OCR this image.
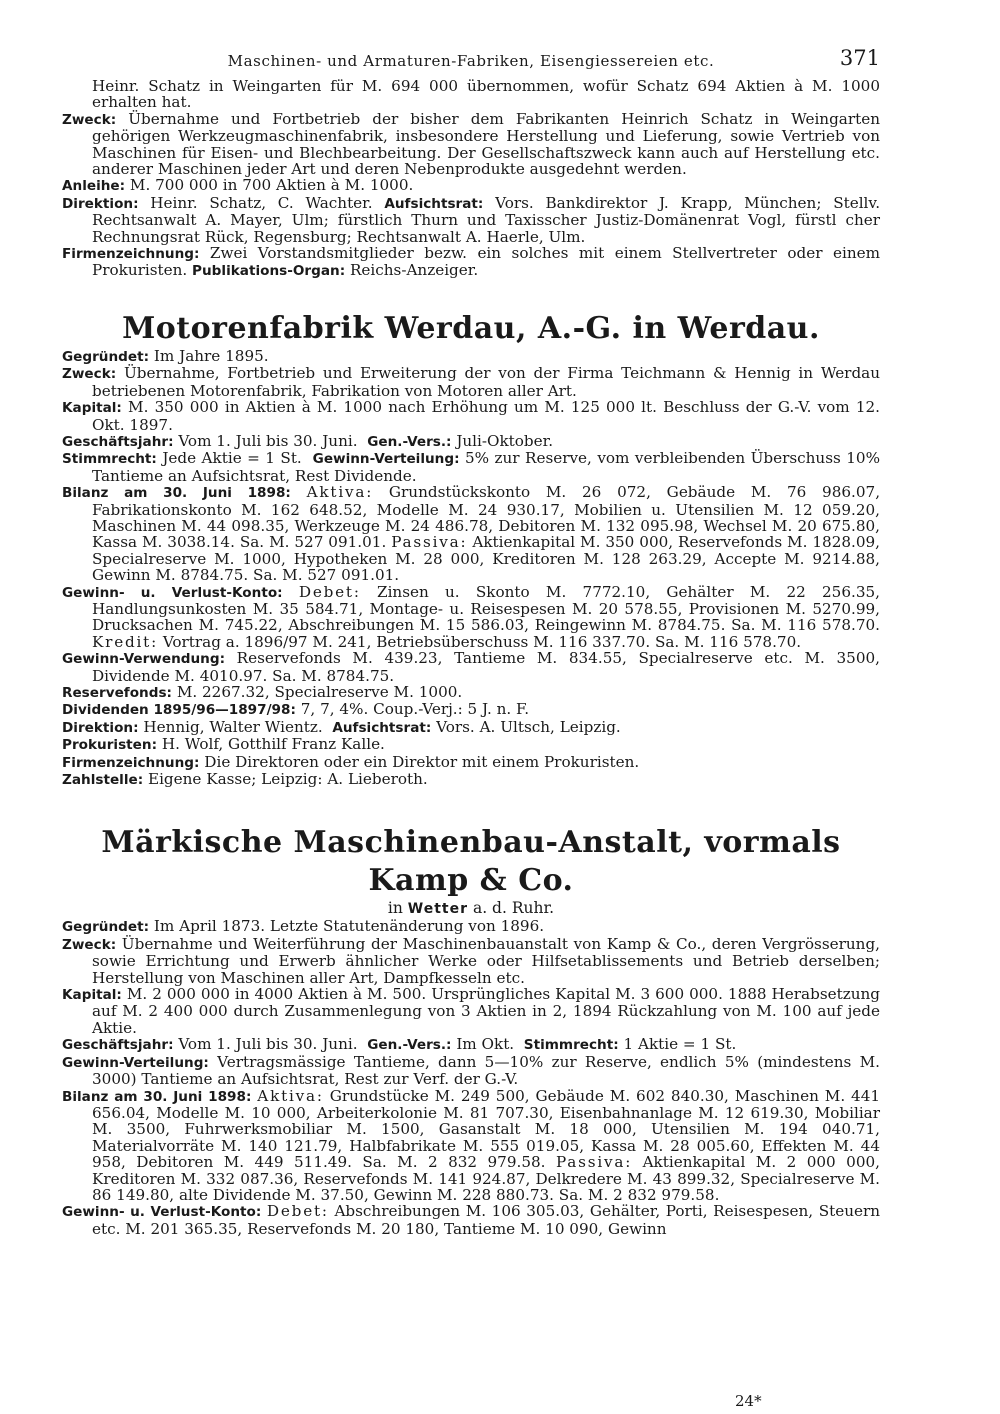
Maschinen- und Armaturen-Fabriken, Eisengiessereien etc.	371

Heinr. Schatz in Weingarten für M. 694 000 übernommen, wofür Schatz 694 Aktien à M. 1000 erhalten hat.

Zweck: Übernahme und Fortbetrieb der bisher dem Fabrikanten Heinrich Schatz in Weingarten gehörigen Werkzeugmaschinenfabrik, insbesondere Herstellung und Lieferung, sowie Vertrieb von Maschinen für Eisen- und Blechbearbeitung. Der Gesellschaftszweck kann auch auf Herstellung etc. anderer Maschinen jeder Art und deren Nebenprodukte ausgedehnt werden.

Anleihe: M. 700 000 in 700 Aktien à M. 1000.

Direktion: Heinr. Schatz, C. Wachter. Aufsichtsrat: Vors. Bankdirektor J. Krapp, München; Stellv. Rechtsanwalt A. Mayer, Ulm; fürstlich Thurn und Taxisscher Justiz-Domänenrat Vogl, fürstl cher Rechnungsrat Rück, Regensburg; Rechtsanwalt A. Haerle, Ulm.

Firmenzeichnung: Zwei Vorstandsmitglieder bezw. ein solches mit einem Stellvertreter oder einem Prokuristen. Publikations-Organ: Reichs-Anzeiger.

Motorenfabrik Werdau, A.-G. in Werdau.

Gegründet: Im Jahre 1895.

Zweck: Übernahme, Fortbetrieb und Erweiterung der von der Firma Teichmann & Hennig in Werdau betriebenen Motorenfabrik, Fabrikation von Motoren aller Art.

Kapital: M. 350 000 in Aktien à M. 1000 nach Erhöhung um M. 125 000 lt. Beschluss der G.-V. vom 12. Okt. 1897.

Geschäftsjahr: Vom 1. Juli bis 30. Juni. Gen.-Vers.: Juli-Oktober.

Stimmrecht: Jede Aktie = 1 St. Gewinn-Verteilung: 5% zur Reserve, vom verbleibenden Überschuss 10% Tantieme an Aufsichtsrat, Rest Dividende.

Bilanz am 30. Juni 1898: Aktiva: Grundstückskonto M. 26 072, Gebäude M. 76 986.07, Fabrikationskonto M. 162 648.52, Modelle M. 24 930.17, Mobilien u. Utensilien M. 12 059.20, Maschinen M. 44 098.35, Werkzeuge M. 24 486.78, Debitoren M. 132 095.98, Wechsel M. 20 675.80, Kassa M. 3038.14. Sa. M. 527 091.01. Passiva: Aktienkapital M. 350 000, Reservefonds M. 1828.09, Specialreserve M. 1000, Hypotheken M. 28 000, Kreditoren M. 128 263.29, Accepte M. 9214.88, Gewinn M. 8784.75. Sa. M. 527 091.01.

Gewinn- u. Verlust-Konto: Debet: Zinsen u. Skonto M. 7772.10, Gehälter M. 22 256.35, Handlungsunkosten M. 35 584.71, Montage- u. Reisespesen M. 20 578.55, Provisionen M. 5270.99, Drucksachen M. 745.22, Abschreibungen M. 15 586.03, Reingewinn M. 8784.75. Sa. M. 116 578.70. Kredit: Vortrag a. 1896/97 M. 241, Betriebsüberschuss M. 116 337.70. Sa. M. 116 578.70.

Gewinn-Verwendung: Reservefonds M. 439.23, Tantieme M. 834.55, Specialreserve etc. M. 3500, Dividende M. 4010.97. Sa. M. 8784.75.

Reservefonds: M. 2267.32, Specialreserve M. 1000.

Dividenden 1895/96—1897/98: 7, 7, 4%. Coup.-Verj.: 5 J. n. F.

Direktion: Hennig, Walter Wientz. Aufsichtsrat: Vors. A. Ultsch, Leipzig.

Prokuristen: H. Wolf, Gotthilf Franz Kalle.

Firmenzeichnung: Die Direktoren oder ein Direktor mit einem Prokuristen.

Zahlstelle: Eigene Kasse; Leipzig: A. Lieberoth.

Märkische Maschinenbau-Anstalt, vormals Kamp & Co.

in Wetter a. d. Ruhr.

Gegründet: Im April 1873. Letzte Statutenänderung von 1896.

Zweck: Übernahme und Weiterführung der Maschinenbauanstalt von Kamp & Co., deren Vergrösserung, sowie Errichtung und Erwerb ähnlicher Werke oder Hilfsetablissements und Betrieb derselben; Herstellung von Maschinen aller Art, Dampfkesseln etc.

Kapital: M. 2 000 000 in 4000 Aktien à M. 500. Ursprüngliches Kapital M. 3 600 000. 1888 Herabsetzung auf M. 2 400 000 durch Zusammenlegung von 3 Aktien in 2, 1894 Rückzahlung von M. 100 auf jede Aktie.

Geschäftsjahr: Vom 1. Juli bis 30. Juni. Gen.-Vers.: Im Okt. Stimmrecht: 1 Aktie = 1 St.

Gewinn-Verteilung: Vertragsmässige Tantieme, dann 5—10% zur Reserve, endlich 5% (mindestens M. 3000) Tantieme an Aufsichtsrat, Rest zur Verf. der G.-V.

Bilanz am 30. Juni 1898: Aktiva: Grundstücke M. 249 500, Gebäude M. 602 840.30, Maschinen M. 441 656.04, Modelle M. 10 000, Arbeiterkolonie M. 81 707.30, Eisenbahnanlage M. 12 619.30, Mobiliar M. 3500, Fuhrwerksmobiliar M. 1500, Gasanstalt M. 18 000, Utensilien M. 194 040.71, Materialvorräte M. 140 121.79, Halbfabrikate M. 555 019.05, Kassa M. 28 005.60, Effekten M. 44 958, Debitoren M. 449 511.49. Sa. M. 2 832 979.58. Passiva: Aktienkapital M. 2 000 000, Kreditoren M. 332 087.36, Reservefonds M. 141 924.87, Delkredere M. 43 899.32, Specialreserve M. 86 149.80, alte Dividende M. 37.50, Gewinn M. 228 880.73. Sa. M. 2 832 979.58.

Gewinn- u. Verlust-Konto: Debet: Abschreibungen M. 106 305.03, Gehälter, Porti, Reisespesen, Steuern etc. M. 201 365.35, Reservefonds M. 20 180, Tantieme M. 10 090, Gewinn

24*
